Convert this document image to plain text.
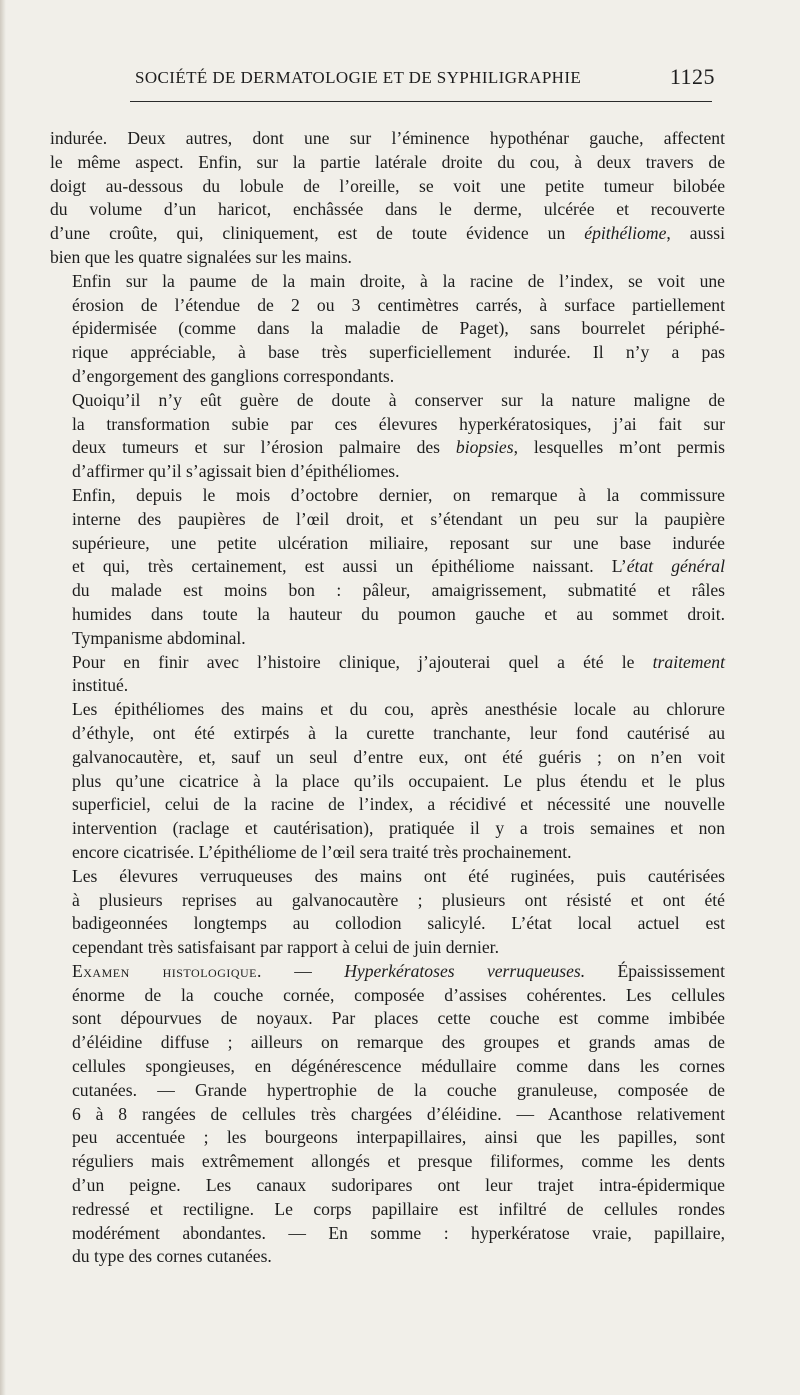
SOCIÉTÉ DE DERMATOLOGIE ET DE SYPHILIGRAPHIE	1125

indurée. Deux autres, dont une sur l’éminence hypothénar gauche, affectent
le même aspect. Enfin, sur la partie latérale droite du cou, à deux travers de
doigt au-dessous du lobule de l’oreille, se voit une petite tumeur bilobée
du volume d’un haricot, enchâssée dans le derme, ulcérée et recouverte
d’une croûte, qui, cliniquement, est de toute évidence un épithéliome, aussi
bien que les quatre signalées sur les mains.

Enfin sur la paume de la main droite, à la racine de l’index, se voit une
érosion de l’étendue de 2 ou 3 centimètres carrés, à surface partiellement
épidermisée (comme dans la maladie de Paget), sans bourrelet périphé-
rique appréciable, à base très superficiellement indurée. Il n’y a pas
d’engorgement des ganglions correspondants.

Quoiqu’il n’y eût guère de doute à conserver sur la nature maligne de
la transformation subie par ces élevures hyperkératosiques, j’ai fait sur
deux tumeurs et sur l’érosion palmaire des biopsies, lesquelles m’ont permis
d’affirmer qu’il s’agissait bien d’épithéliomes.

Enfin, depuis le mois d’octobre dernier, on remarque à la commissure
interne des paupières de l’œil droit, et s’étendant un peu sur la paupière
supérieure, une petite ulcération miliaire, reposant sur une base indurée
et qui, très certainement, est aussi un épithéliome naissant. L’état général
du malade est moins bon : pâleur, amaigrissement, submatité et râles
humides dans toute la hauteur du poumon gauche et au sommet droit.
Tympanisme abdominal.

Pour en finir avec l’histoire clinique, j’ajouterai quel a été le traitement
institué.

Les épithéliomes des mains et du cou, après anesthésie locale au chlorure
d’éthyle, ont été extirpés à la curette tranchante, leur fond cautérisé au
galvanocautère, et, sauf un seul d’entre eux, ont été guéris ; on n’en voit
plus qu’une cicatrice à la place qu’ils occupaient. Le plus étendu et le plus
superficiel, celui de la racine de l’index, a récidivé et nécessité une nouvelle
intervention (raclage et cautérisation), pratiquée il y a trois semaines et non
encore cicatrisée. L’épithéliome de l’œil sera traité très prochainement.

Les élevures verruqueuses des mains ont été ruginées, puis cautérisées
à plusieurs reprises au galvanocautère ; plusieurs ont résisté et ont été
badigeonnées longtemps au collodion salicylé. L’état local actuel est
cependant très satisfaisant par rapport à celui de juin dernier.

Examen histologique. — Hyperkératoses verruqueuses. Épaississement
énorme de la couche cornée, composée d’assises cohérentes. Les cellules
sont dépourvues de noyaux. Par places cette couche est comme imbibée
d’éléidine diffuse ; ailleurs on remarque des groupes et grands amas de
cellules spongieuses, en dégénérescence médullaire comme dans les cornes
cutanées. — Grande hypertrophie de la couche granuleuse, composée de
6 à 8 rangées de cellules très chargées d’éléidine. — Acanthose relativement
peu accentuée ; les bourgeons interpapillaires, ainsi que les papilles, sont
réguliers mais extrêmement allongés et presque filiformes, comme les dents
d’un peigne. Les canaux sudoripares ont leur trajet intra-épidermique
redressé et rectiligne. Le corps papillaire est infiltré de cellules rondes
modérément abondantes. — En somme : hyperkératose vraie, papillaire,
du type des cornes cutanées.
